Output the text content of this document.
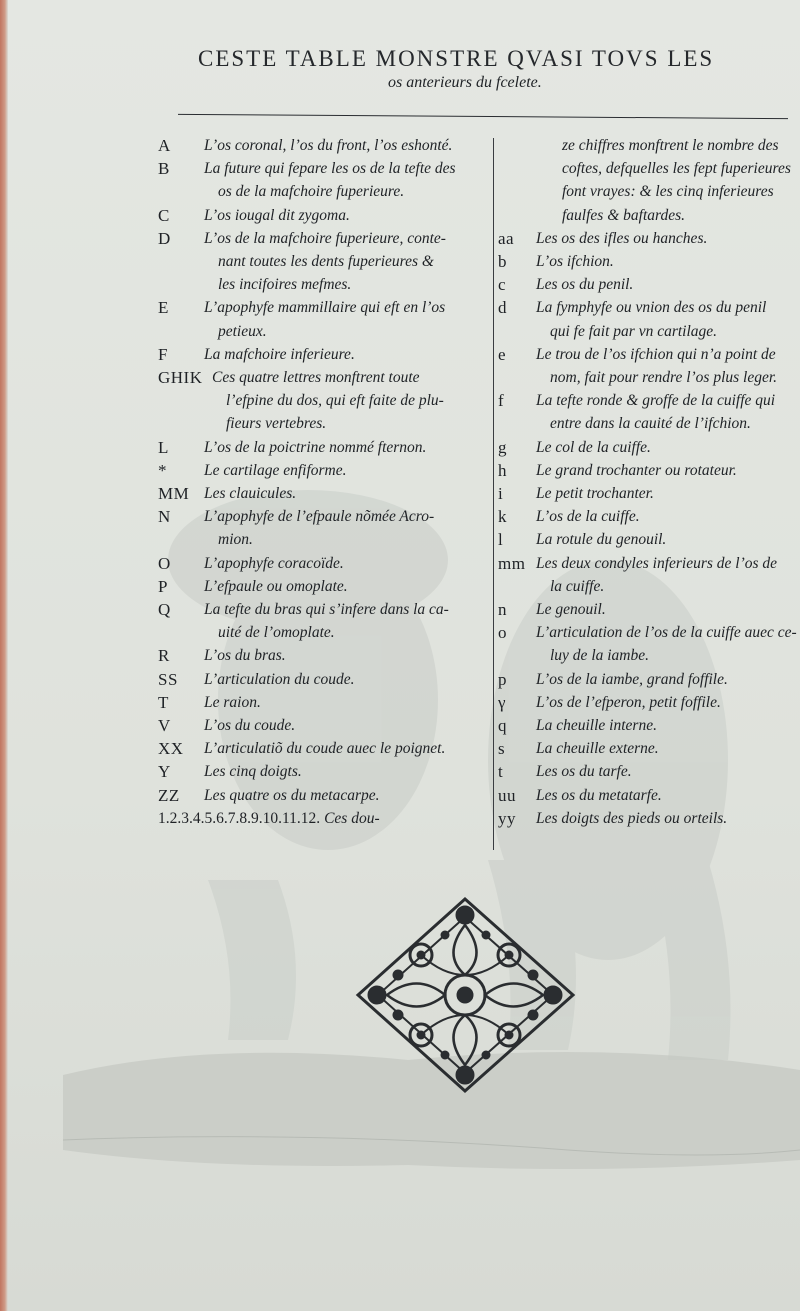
CESTE TABLE MONSTRE QVASI TOVS LES
os anterieurs du fcelete.
A	L’os coronal, l’os du front, l’os eshonté.
B	La future qui fepare les os de la tefte des
os de la mafchoire fuperieure.
C	L’os iougal dit zygoma.
D	L’os de la mafchoire fuperieure, conte-
nant toutes les dents fuperieures &
les incifoires mefmes.
E	L’apophyfe mammillaire qui eft en l’os
petieux.
F	La mafchoire inferieure.
GHIK Ces quatre lettres monftrent toute
l’efpine du dos, qui eft faite de plu-
fieurs vertebres.
L	L’os de la poictrine nommé fternon.
*	Le cartilage enfiforme.
MM Les clauicules.
N	L’apophyfe de l’efpaule nõmée Acro-
mion.
O	L’apophyfe coracoïde.
P	L’efpaule ou omoplate.
Q	La tefte du bras qui s’infere dans la ca-
uité de l’omoplate.
R	L’os du bras.
SS	L’articulation du coude.
T	Le raion.
V	L’os du coude.
XX	L’articulatiõ du coude auec le poignet.
Y	Les cinq doigts.
ZZ	Les quatre os du metacarpe.
1.2.3.4.5.6.7.8.9.10.11.12. Ces dou-
ze chiffres monftrent le nombre des
coftes, defquelles les fept fuperieures
font vrayes: & les cinq inferieures
faulfes & baftardes.
aa	Les os des ifles ou hanches.
b	L’os ifchion.
c	Les os du penil.
d	La fymphyfe ou vnion des os du penil
qui fe fait par vn cartilage.
e	Le trou de l’os ifchion qui n’a point de
nom, fait pour rendre l’os plus leger.
f	La tefte ronde & groffe de la cuiffe qui
entre dans la cauité de l’ifchion.
g	Le col de la cuiffe.
h	Le grand trochanter ou rotateur.
i	Le petit trochanter.
k	L’os de la cuiffe.
l	La rotule du genouil.
mm Les deux condyles inferieurs de l’os de
la cuiffe.
n	Le genouil.
o	L’articulation de l’os de la cuiffe auec ce-
luy de la iambe.
p	L’os de la iambe, grand foffile.
γ	L’os de l’efperon, petit foffile.
q	La cheuille interne.
s	La cheuille externe.
t	Les os du tarfe.
uu	Les os du metatarfe.
yy	Les doigts des pieds ou orteils.
